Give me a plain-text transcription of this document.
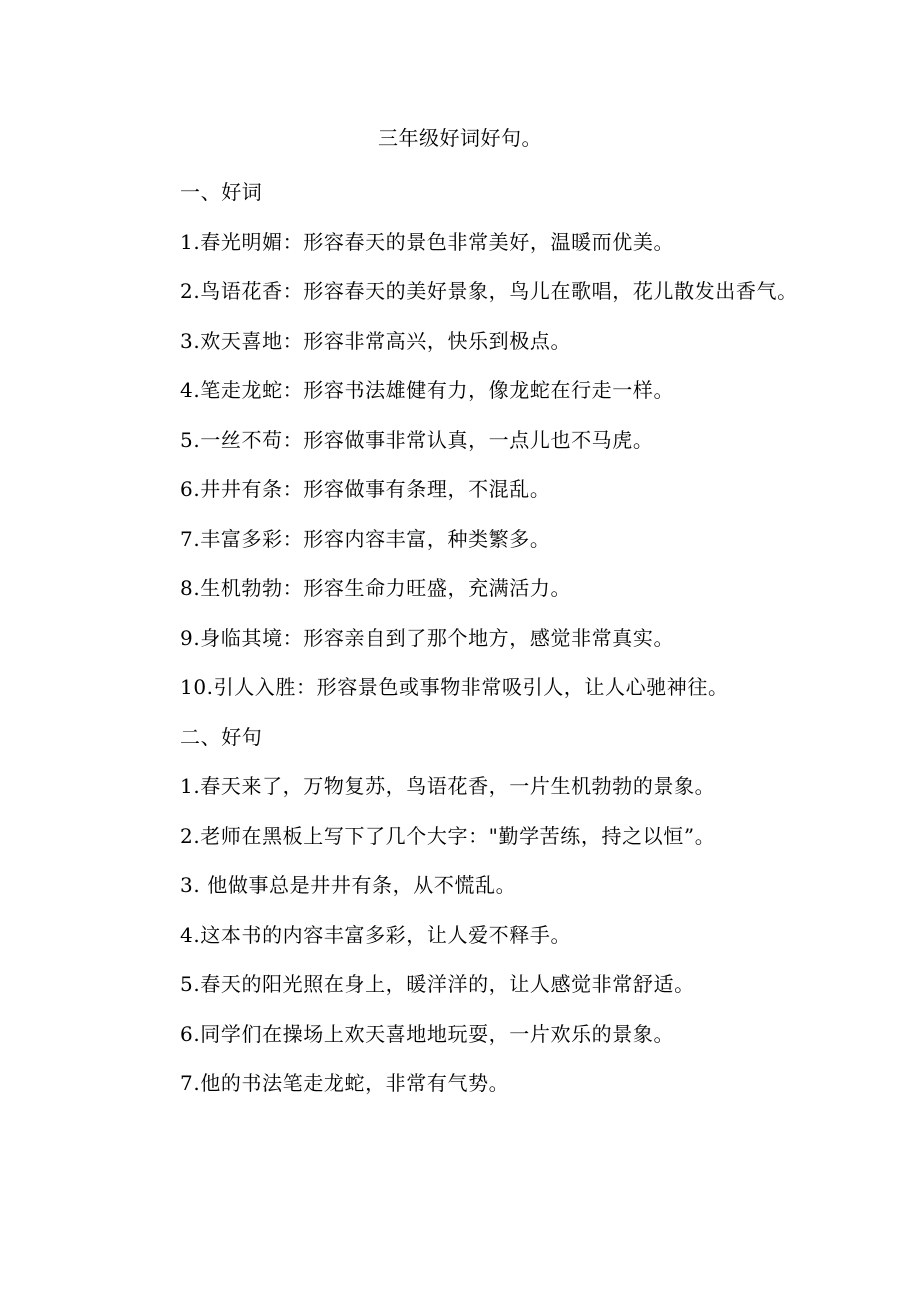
三年级好词好句。

一、好词

1.春光明媚：形容春天的景色非常美好，温暖而优美。

2.鸟语花香：形容春天的美好景象，鸟儿在歌唱，花儿散发出香气。

3.欢天喜地：形容非常高兴，快乐到极点。

4.笔走龙蛇：形容书法雄健有力，像龙蛇在行走一样。

5.一丝不苟：形容做事非常认真，一点儿也不马虎。

6.井井有条：形容做事有条理，不混乱。

7.丰富多彩：形容内容丰富，种类繁多。

8.生机勃勃：形容生命力旺盛，充满活力。

9.身临其境：形容亲自到了那个地方，感觉非常真实。

10.引人入胜：形容景色或事物非常吸引人，让人心驰神往。

二、好句

1.春天来了，万物复苏，鸟语花香，一片生机勃勃的景象。

2.老师在黑板上写下了几个大字："勤学苦练，持之以恒”。

3. 他做事总是井井有条，从不慌乱。

4.这本书的内容丰富多彩，让人爱不释手。

5.春天的阳光照在身上，暖洋洋的，让人感觉非常舒适。

6.同学们在操场上欢天喜地地玩耍，一片欢乐的景象。

7.他的书法笔走龙蛇，非常有气势。
